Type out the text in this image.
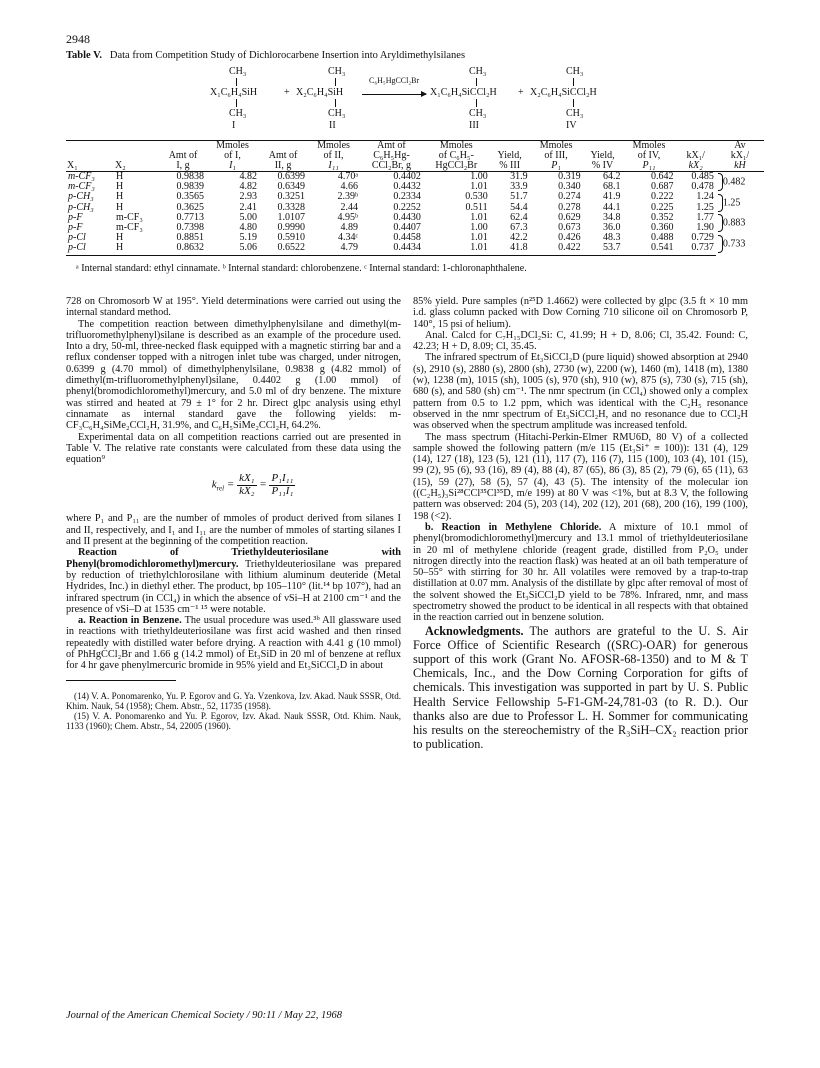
2948
Table V. Data from Competition Study of Dichlorocarbene Insertion into Aryldimethylsilanes
CH₃	CH₃	CH₃	CH₃
X₁C₆H₄SiH	+ X₂C₆H₄SiH
C₆H₅HgCCl₂Br
X₁C₆H₄SiCCl₂H + X₂C₆H₄SiCCl₂H
CH₃	CH₃	CH₃	CH₃
I	II	III	IV
			Mmoles		Mmoles	Amt of	Mmoles		Mmoles		Mmoles		Av
		Amt of	of I,	Amt of	of II,	C₆H₅Hg-	of C₆H₅-	Yield,	of III,	Yield,	of IV,	kX₁/	kX₁/
X₁	X₂	I, g	I₁	II, g	I₁₁	CCl₂Br, g	HgCCl₂Br	% III	P₁	% IV	P₁₁	kX₂	kH
m-CF₃	H	0.9838	4.82	0.6399	4.70ᵃ	0.4402	1.00	31.9	0.319	64.2	0.642	0.485	0.482
m-CF₃	H	0.9839	4.82	0.6349	4.66	0.4432	1.01	33.9	0.340	68.1	0.687	0.478	
p-CH₃	H	0.3565	2.93	0.3251	2.39ᵇ	0.2334	0.530	51.7	0.274	41.9	0.222	1.24	1.25
p-CH₃	H	0.3625	2.41	0.3328	2.44	0.2252	0.511	54.4	0.278	44.1	0.225	1.25	
p-F	m-CF₃	0.7713	5.00	1.0107	4.95ᵇ	0.4430	1.01	62.4	0.629	34.8	0.352	1.77	0.883
p-F	m-CF₃	0.7398	4.80	0.9990	4.89	0.4407	1.00	67.3	0.673	36.0	0.360	1.90	
p-Cl	H	0.8851	5.19	0.5910	4.34ᶜ	0.4458	1.01	42.2	0.426	48.3	0.488	0.729	0.733
p-Cl	H	0.8632	5.06	0.6522	4.79	0.4434	1.01	41.8	0.422	53.7	0.541	0.737	
ᵃ Internal standard: ethyl cinnamate. ᵇ Internal standard: chlorobenzene. ᶜ Internal standard: 1-chloronaphthalene.

728 on Chromosorb W at 195°. Yield determinations were carried out using the internal standard method.

The competition reaction between dimethylphenylsilane and dimethyl(m-trifluoromethylphenyl)silane is described as an example of the procedure used. Into a dry, 50-ml, three-necked flask equipped with a magnetic stirring bar and a reflux condenser topped with a nitrogen inlet tube was charged, under nitrogen, 0.6399 g (4.70 mmol) of dimethylphenylsilane, 0.9838 g (4.82 mmol) of dimethyl(m-trifluoromethylphenyl)silane, 0.4402 g (1.00 mmol) of phenyl(bromodichloromethyl)mercury, and 5.0 ml of dry benzene. The mixture was stirred and heated at 79 ± 1° for 2 hr. Direct glpc analysis using ethyl cinnamate as internal standard gave the following yields: m-CF₃C₆H₄SiMe₂CCl₂H, 31.9%, and C₆H₅SiMe₂CCl₂H, 64.2%.

Experimental data on all competition reactions carried out are presented in Table V. The relative rate constants were calculated from these data using the equation⁹

$k_{rel} = \frac{\text{kX₁}}{\text{kX₂}} = \frac{\text{P₁I₁₁}}{\text{P₁₁I₁}}$

where P₁ and P₁₁ are the number of mmoles of product derived from silanes I and II, respectively, and I₁ and I₁₁ are the number of mmoles of starting silanes I and II present at the beginning of the competition reaction.

Reaction of Triethyldeuteriosilane with Phenyl(bromodichloromethyl)mercury. Triethyldeuteriosilane was prepared by reduction of triethylchlorosilane with lithium aluminum deuteride (Metal Hydrides, Inc.) in diethyl ether. The product, bp 105–110° (lit.¹⁴ bp 107°), had an infrared spectrum (in CCl₄) in which the absence of νSi–H at 2100 cm⁻¹ and the presence of νSi–D at 1535 cm⁻¹ ¹⁵ were notable.

a. Reaction in Benzene. The usual procedure was used.³ᵇ All glassware used in reactions with triethyldeuteriosilane was first acid washed and then rinsed repeatedly with distilled water before drying. A reaction with 4.41 g (10 mmol) of PhHgCCl₂Br and 1.66 g (14.2 mmol) of Et₃SiD in 20 ml of benzene at reflux for 4 hr gave phenylmercuric bromide in 95% yield and Et₃SiCCl₂D in about

(14) V. A. Ponomarenko, Yu. P. Egorov and G. Ya. Vzenkova, Izv. Akad. Nauk SSSR, Otd. Khim. Nauk, 54 (1958); Chem. Abstr., 52, 11735 (1958).

(15) V. A. Ponomarenko and Yu. P. Egorov, Izv. Akad. Nauk SSSR, Otd. Khim. Nauk, 1133 (1960); Chem. Abstr., 54, 22005 (1960).

85% yield. Pure samples (n²⁵D 1.4662) were collected by glpc (3.5 ft × 10 mm i.d. glass column packed with Dow Corning 710 silicone oil on Chromosorb P, 140°, 15 psi of helium).

Anal. Calcd for C₇H₁₅DCl₂Si: C, 41.99; H + D, 8.06; Cl, 35.42. Found: C, 42.23; H + D, 8.09; Cl, 35.45.

The infrared spectrum of Et₃SiCCl₂D (pure liquid) showed absorption at 2940 (s), 2910 (s), 2880 (s), 2800 (sh), 2730 (w), 2200 (w), 1460 (m), 1418 (m), 1380 (w), 1238 (m), 1015 (sh), 1005 (s), 970 (sh), 910 (w), 875 (s), 730 (s), 715 (sh), 680 (s), and 580 (sh) cm⁻¹. The nmr spectrum (in CCl₄) showed only a complex pattern from 0.5 to 1.2 ppm, which was identical with the C₂H₅ resonance observed in the nmr spectrum of Et₃SiCCl₂H, and no resonance due to CCl₂H was observed when the spectrum amplitude was increased tenfold.

The mass spectrum (Hitachi-Perkin-Elmer RMU6D, 80 V) of a collected sample showed the following pattern (m/e 115 (Et₃Si⁺ ≡ 100)): 131 (4), 129 (14), 127 (18), 123 (5), 121 (11), 117 (7), 116 (7), 115 (100), 103 (4), 101 (15), 99 (2), 95 (6), 93 (16), 89 (4), 88 (4), 87 (65), 86 (3), 85 (2), 79 (6), 65 (11), 63 (15), 59 (27), 58 (5), 57 (4), 43 (5). The intensity of the molecular ion ((C₂H₅)₃Si²⁸CCl³⁵Cl³⁵D, m/e 199) at 80 V was <1%, but at 8.3 V, the following pattern was observed: 204 (5), 203 (14), 202 (12), 201 (68), 200 (16), 199 (100), 198 (<2).

b. Reaction in Methylene Chloride. A mixture of 10.1 mmol of phenyl(bromodichloromethyl)mercury and 13.1 mmol of triethyldeuteriosilane in 20 ml of methylene chloride (reagent grade, distilled from P₂O₅ under nitrogen directly into the reaction flask) was heated at an oil bath temperature of 50–55° with stirring for 30 hr. All volatiles were removed by a trap-to-trap distillation at 0.07 mm. Analysis of the distillate by glpc after removal of most of the solvent showed the Et₃SiCCl₂D yield to be 78%. Infrared, nmr, and mass spectrometry showed the product to be identical in all respects with that obtained in the reaction carried out in benzene solution.

Acknowledgments. The authors are grateful to the U. S. Air Force Office of Scientific Research ((SRC)-OAR) for generous support of this work (Grant No. AFOSR-68-1350) and to M & T Chemicals, Inc., and the Dow Corning Corporation for gifts of chemicals. This investigation was supported in part by U. S. Public Health Service Fellowship 5-F1-GM-24,781-03 (to R. D.). Our thanks also are due to Professor L. H. Sommer for communicating his results on the stereochemistry of the R₃SiH–CX₂ reaction prior to publication.

Journal of the American Chemical Society / 90:11 / May 22, 1968
